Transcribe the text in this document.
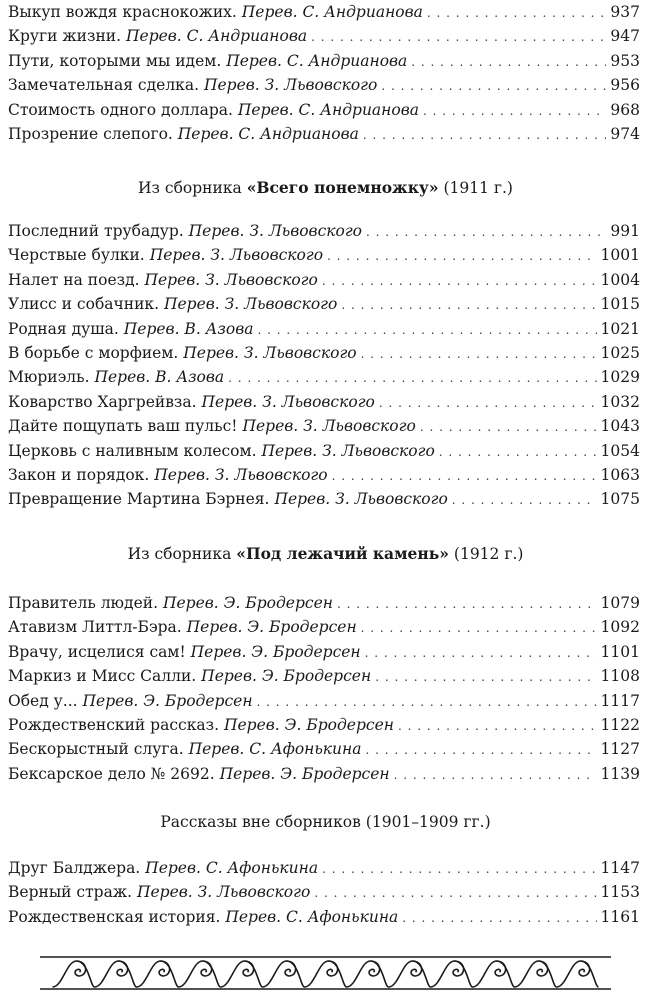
Выкуп вождя краснокожих. Перев. С. Андрианова . . .	937
Круги жизни. Перев. С. Андрианова . . .	947
Пути, которыми мы идем. Перев. С. Андрианова . . .	953
Замечательная сделка. Перев. З. Львовского . . .	956
Стоимость одного доллара. Перев. С. Андрианова . . .	968
Прозрение слепого. Перев. С. Андрианова . . .	974
Из сборника «Всего понемножку» (1911 г.)
Последний трубадур. Перев. З. Львовского . . .	991
Черствые булки. Перев. З. Львовского . . .	1001
Налет на поезд. Перев. З. Львовского . . .	1004
Улисс и собачник. Перев. З. Львовского . . .	1015
Родная душа. Перев. В. Азова . . .	1021
В борьбе с морфием. Перев. З. Львовского . . .	1025
Мюриэль. Перев. В. Азова . . .	1029
Коварство Харгрейвза. Перев. З. Львовского . . .	1032
Дайте пощупать ваш пульс! Перев. З. Львовского . . .	1043
Церковь с наливным колесом. Перев. З. Львовского . . .	1054
Закон и порядок. Перев. З. Львовского . . .	1063
Превращение Мартина Бэрнея. Перев. З. Львовского . . .	1075
Из сборника «Под лежачий камень» (1912 г.)
Правитель людей. Перев. Э. Бродерсен . . .	1079
Атавизм Литтл-Бэра. Перев. Э. Бродерсен . . .	1092
Врачу, исцелися сам! Перев. Э. Бродерсен . . .	1101
Маркиз и Мисс Салли. Перев. Э. Бродерсен . . .	1108
Обед у... Перев. Э. Бродерсен . . .	1117
Рождественский рассказ. Перев. Э. Бродерсен . . .	1122
Бескорыстный слуга. Перев. С. Афонькина . . .	1127
Бексарское дело № 2692. Перев. Э. Бродерсен . . .	1139
Рассказы вне сборников (1901–1909 гг.)
Друг Балджера. Перев. С. Афонькина . . .	1147
Верный страж. Перев. З. Львовского . . .	1153
Рождественская история. Перев. С. Афонькина . . .	1161
